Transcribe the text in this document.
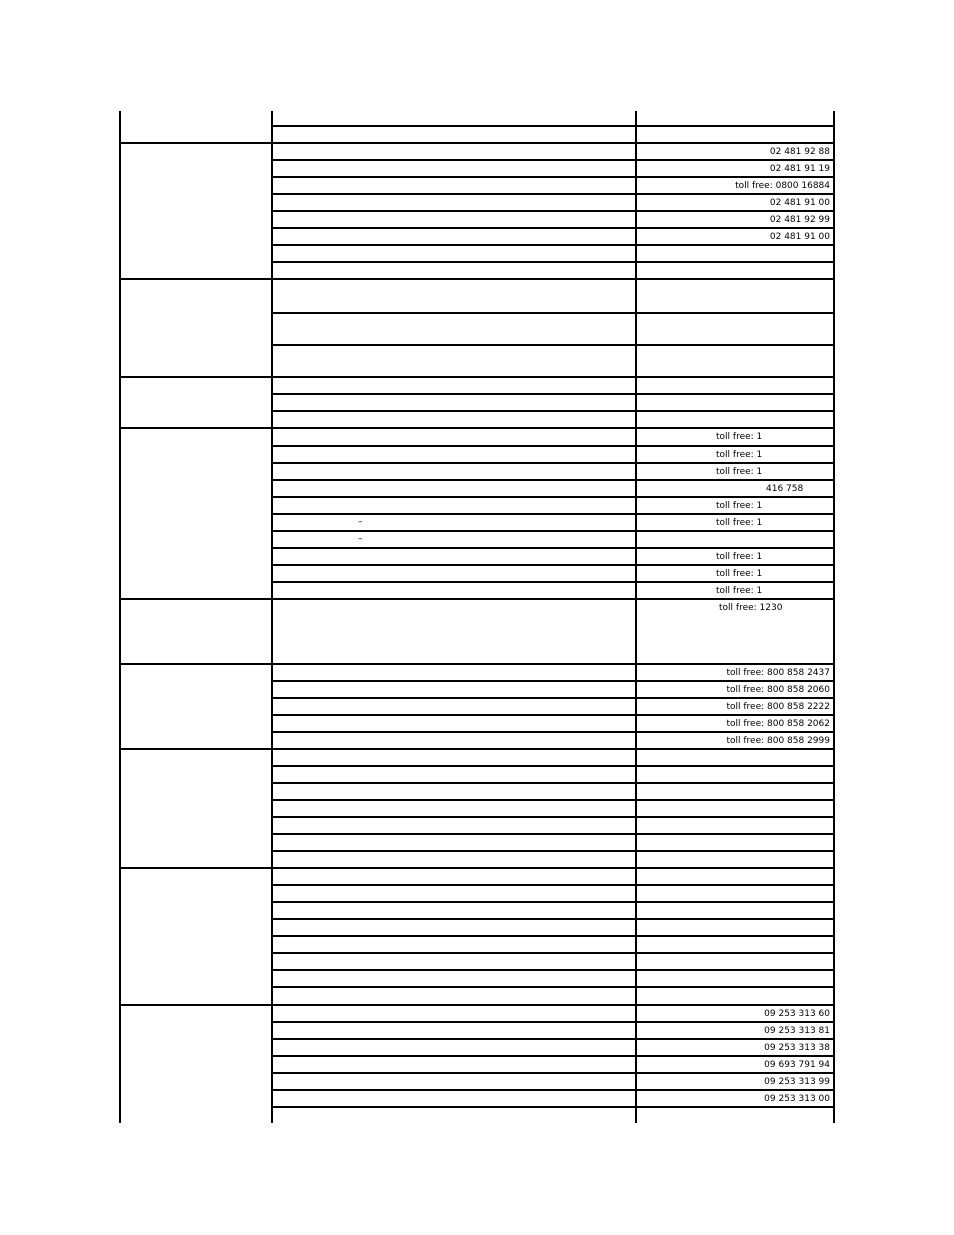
02 481 92 88
02 481 91 19
toll free: 0800 16884
02 481 91 00
02 481 92 99
02 481 91 00
toll free: 1
toll free: 1
toll free: 1
416 758
toll free: 1
toll free: 1
–
–
toll free: 1
toll free: 1
toll free: 1
toll free: 1230
toll free: 800 858 2437
toll free: 800 858 2060
toll free: 800 858 2222
toll free: 800 858 2062
toll free: 800 858 2999
09 253 313 60
09 253 313 81
09 253 313 38
09 693 791 94
09 253 313 99
09 253 313 00
